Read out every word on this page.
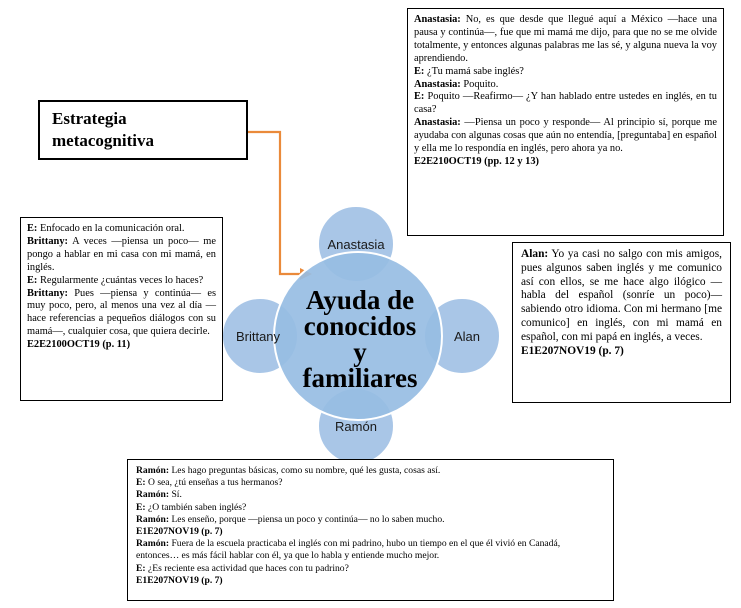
Anastasia
Alan
Ramón
Brittany
Ayuda de
conocidos
y
familiares

Estrategia

metacognitiva

Anastasia: No, es que desde que llegué aquí a México —hace una pausa y continúa—, fue que mi mamá me dijo, para que no se me olvide totalmente, y entonces algunas palabras me las sé, y alguna nueva la voy aprendiendo.

E: ¿Tu mamá sabe inglés?

Anastasia: Poquito.

E: Poquito —Reafirmo— ¿Y han hablado entre ustedes en inglés, en tu casa?

Anastasia: —Piensa un poco y responde— Al principio sí, porque me ayudaba con algunas cosas que aún no entendía, [preguntaba] en español y ella me lo respondía en inglés, pero ahora ya no.

E2E210OCT19 (pp. 12 y 13)

E: Enfocado en la comunicación oral.

Brittany: A veces —piensa un poco— me pongo a hablar en mi casa con mi mamá, en inglés.

E: Regularmente ¿cuántas veces lo haces?

Brittany: Pues —piensa y continúa— es muy poco, pero, al menos una vez al día —hace referencias a pequeños diálogos con su mamá—, cualquier cosa, que quiera decirle.

E2E2100OCT19 (p. 11)

Alan: Yo ya casi no salgo con mis amigos, pues algunos saben inglés y me comunico así con ellos, se me hace algo ilógico —habla del español (sonríe un poco)— sabiendo otro idioma. Con mi hermano [me comunico] en inglés, con mi mamá en español, con mi papá en inglés, a veces.

E1E207NOV19 (p. 7)

Ramón: Les hago preguntas básicas, como su nombre, qué les gusta, cosas así.

E: O sea, ¿tú enseñas a tus hermanos?

Ramón: Sí.

E: ¿O también saben inglés?

Ramón: Les enseño, porque —piensa un poco y continúa— no lo saben mucho.

E1E207NOV19 (p. 7)

Ramón: Fuera de la escuela practicaba el inglés con mi padrino, hubo un tiempo en el que él vivió en Canadá, entonces… es más fácil hablar con él, ya que lo habla y entiende mucho mejor.

E: ¿Es reciente esa actividad que haces con tu padrino?

E1E207NOV19 (p. 7)
